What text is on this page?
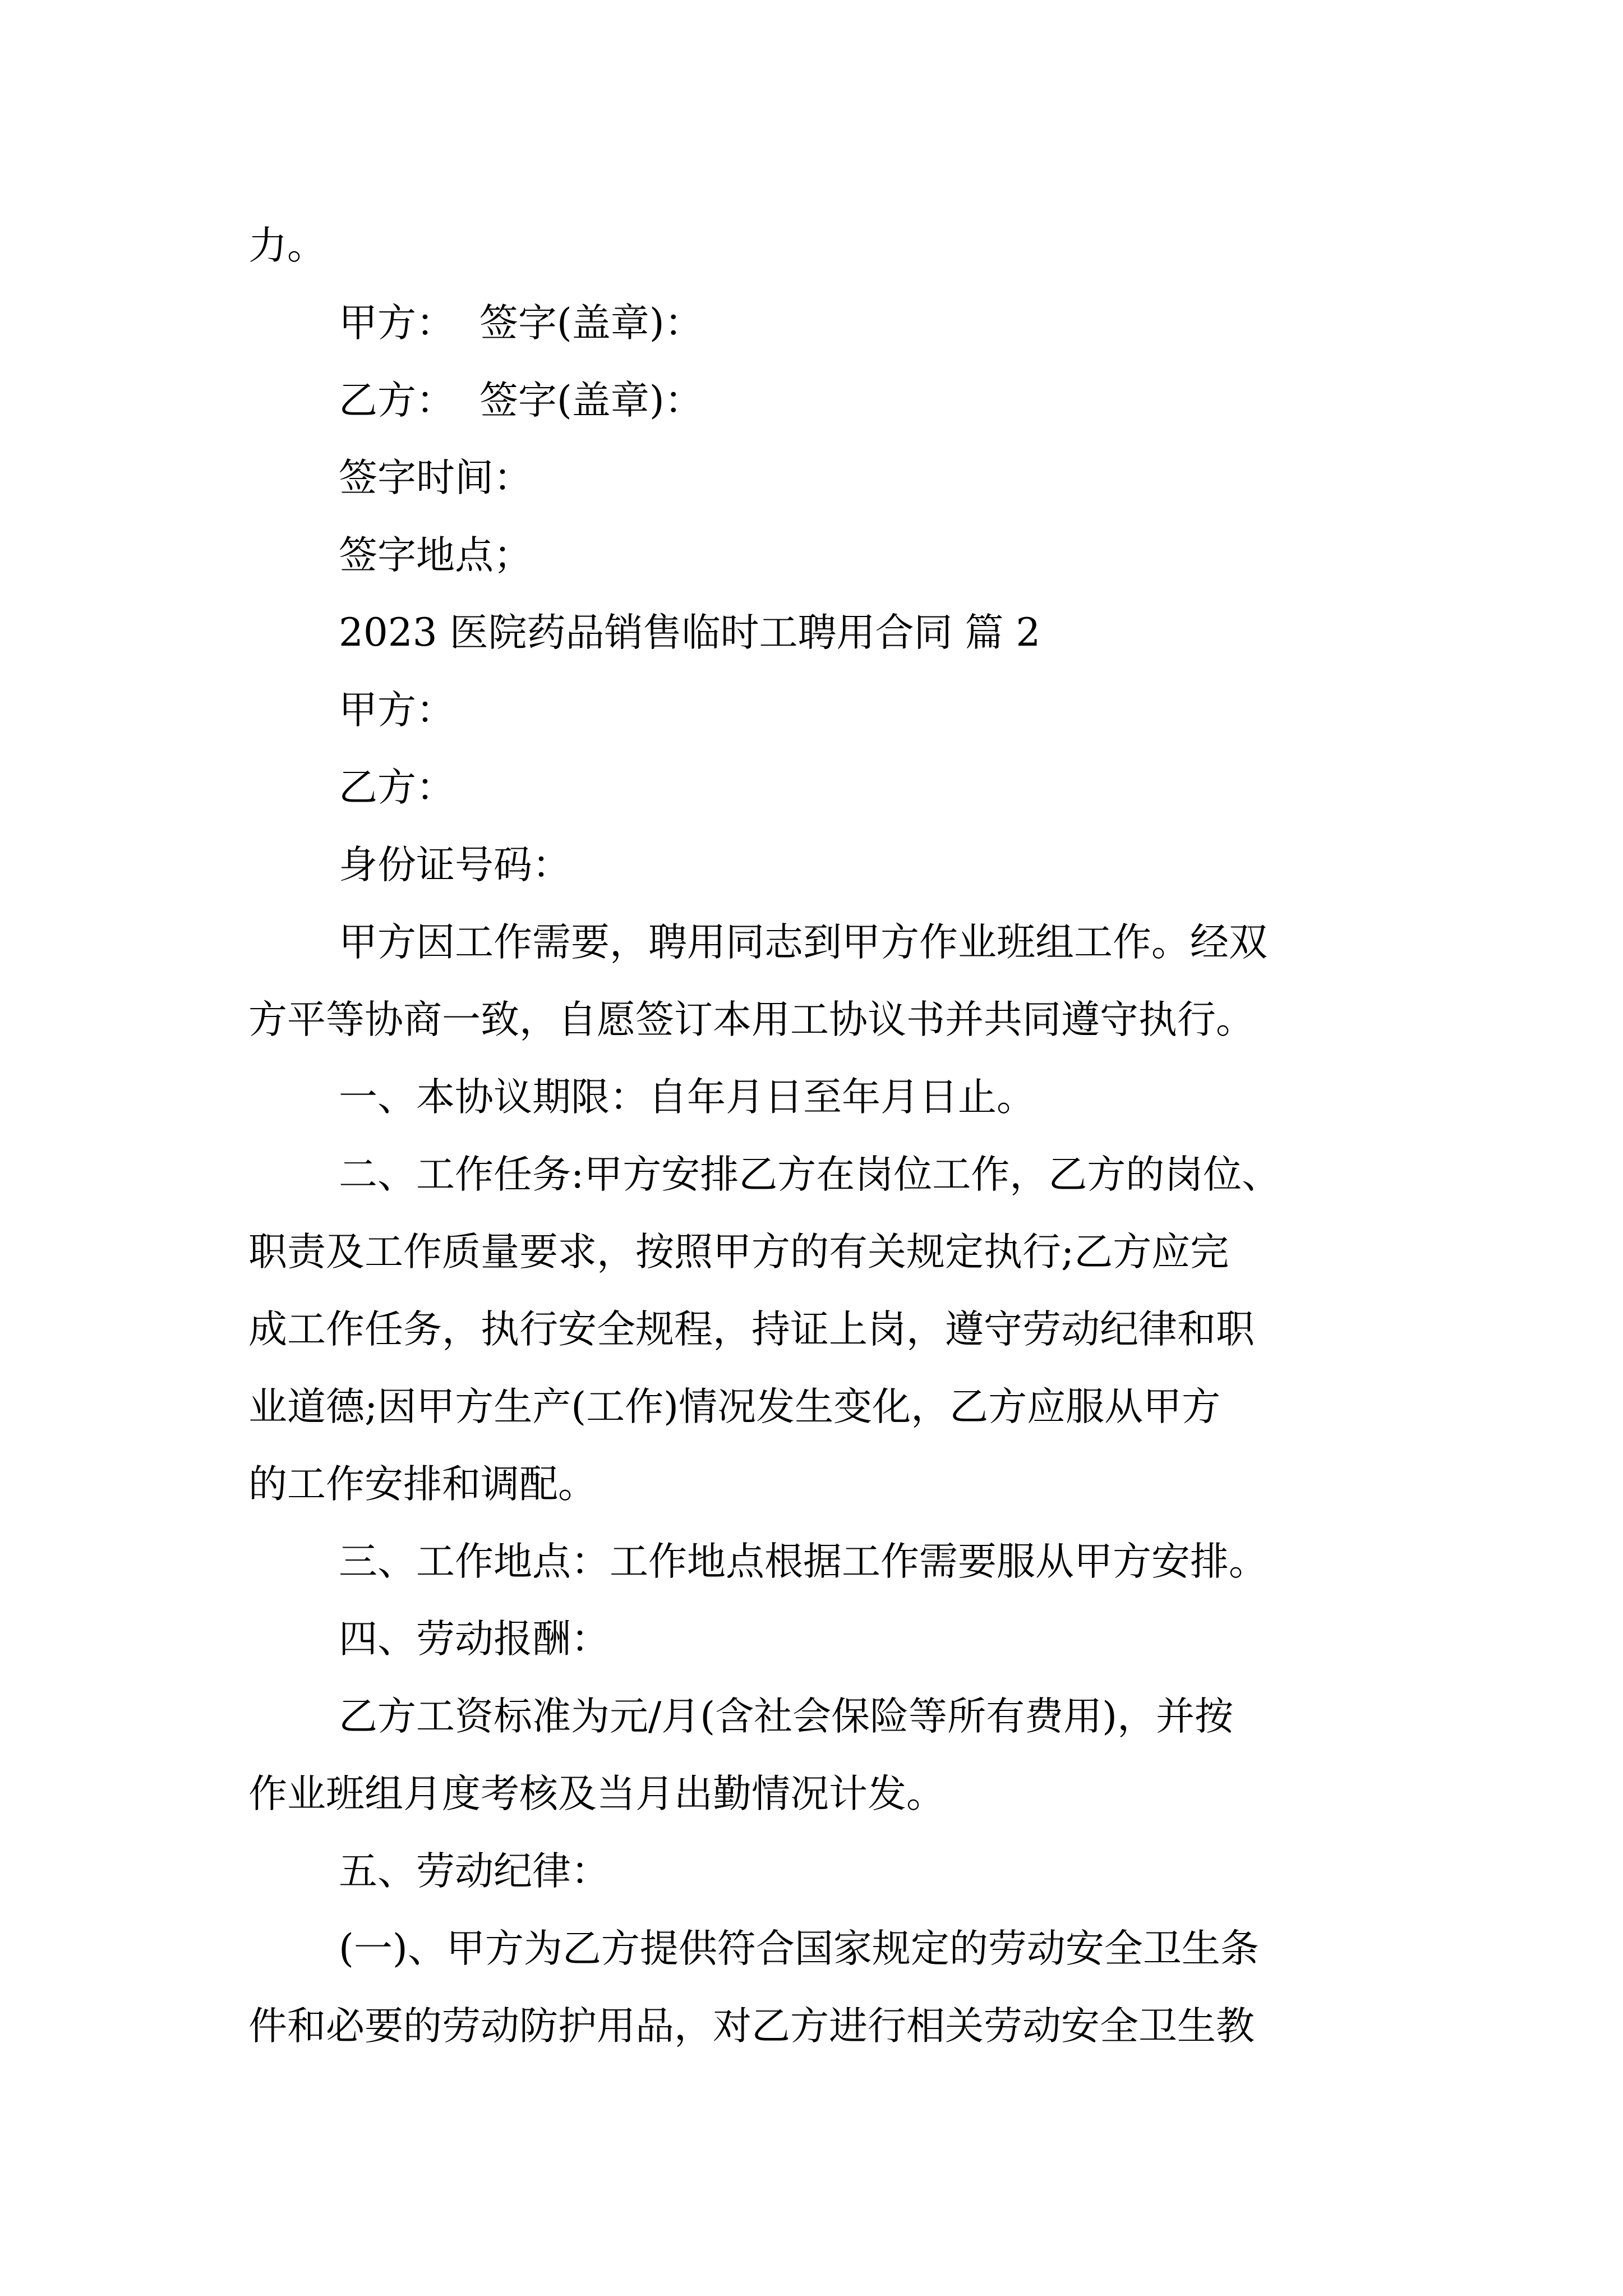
力。
甲方：  签字(盖章)：
乙方：  签字(盖章)：
签字时间：
签字地点；
2023 医院药品销售临时工聘用合同 篇 2
甲方：
乙方：
身份证号码：
甲方因工作需要，聘用同志到甲方作业班组工作。经双
方平等协商一致，自愿签订本用工协议书并共同遵守执行。
一、本协议期限：自年月日至年月日止。
二、工作任务:甲方安排乙方在岗位工作，乙方的岗位、
职责及工作质量要求，按照甲方的有关规定执行;乙方应完
成工作任务，执行安全规程，持证上岗，遵守劳动纪律和职
业道德;因甲方生产(工作)情况发生变化，乙方应服从甲方
的工作安排和调配。
三、工作地点：工作地点根据工作需要服从甲方安排。
四、劳动报酬：
乙方工资标准为元/月(含社会保险等所有费用)，并按
作业班组月度考核及当月出勤情况计发。
五、劳动纪律：
(一)、甲方为乙方提供符合国家规定的劳动安全卫生条
件和必要的劳动防护用品，对乙方进行相关劳动安全卫生教
